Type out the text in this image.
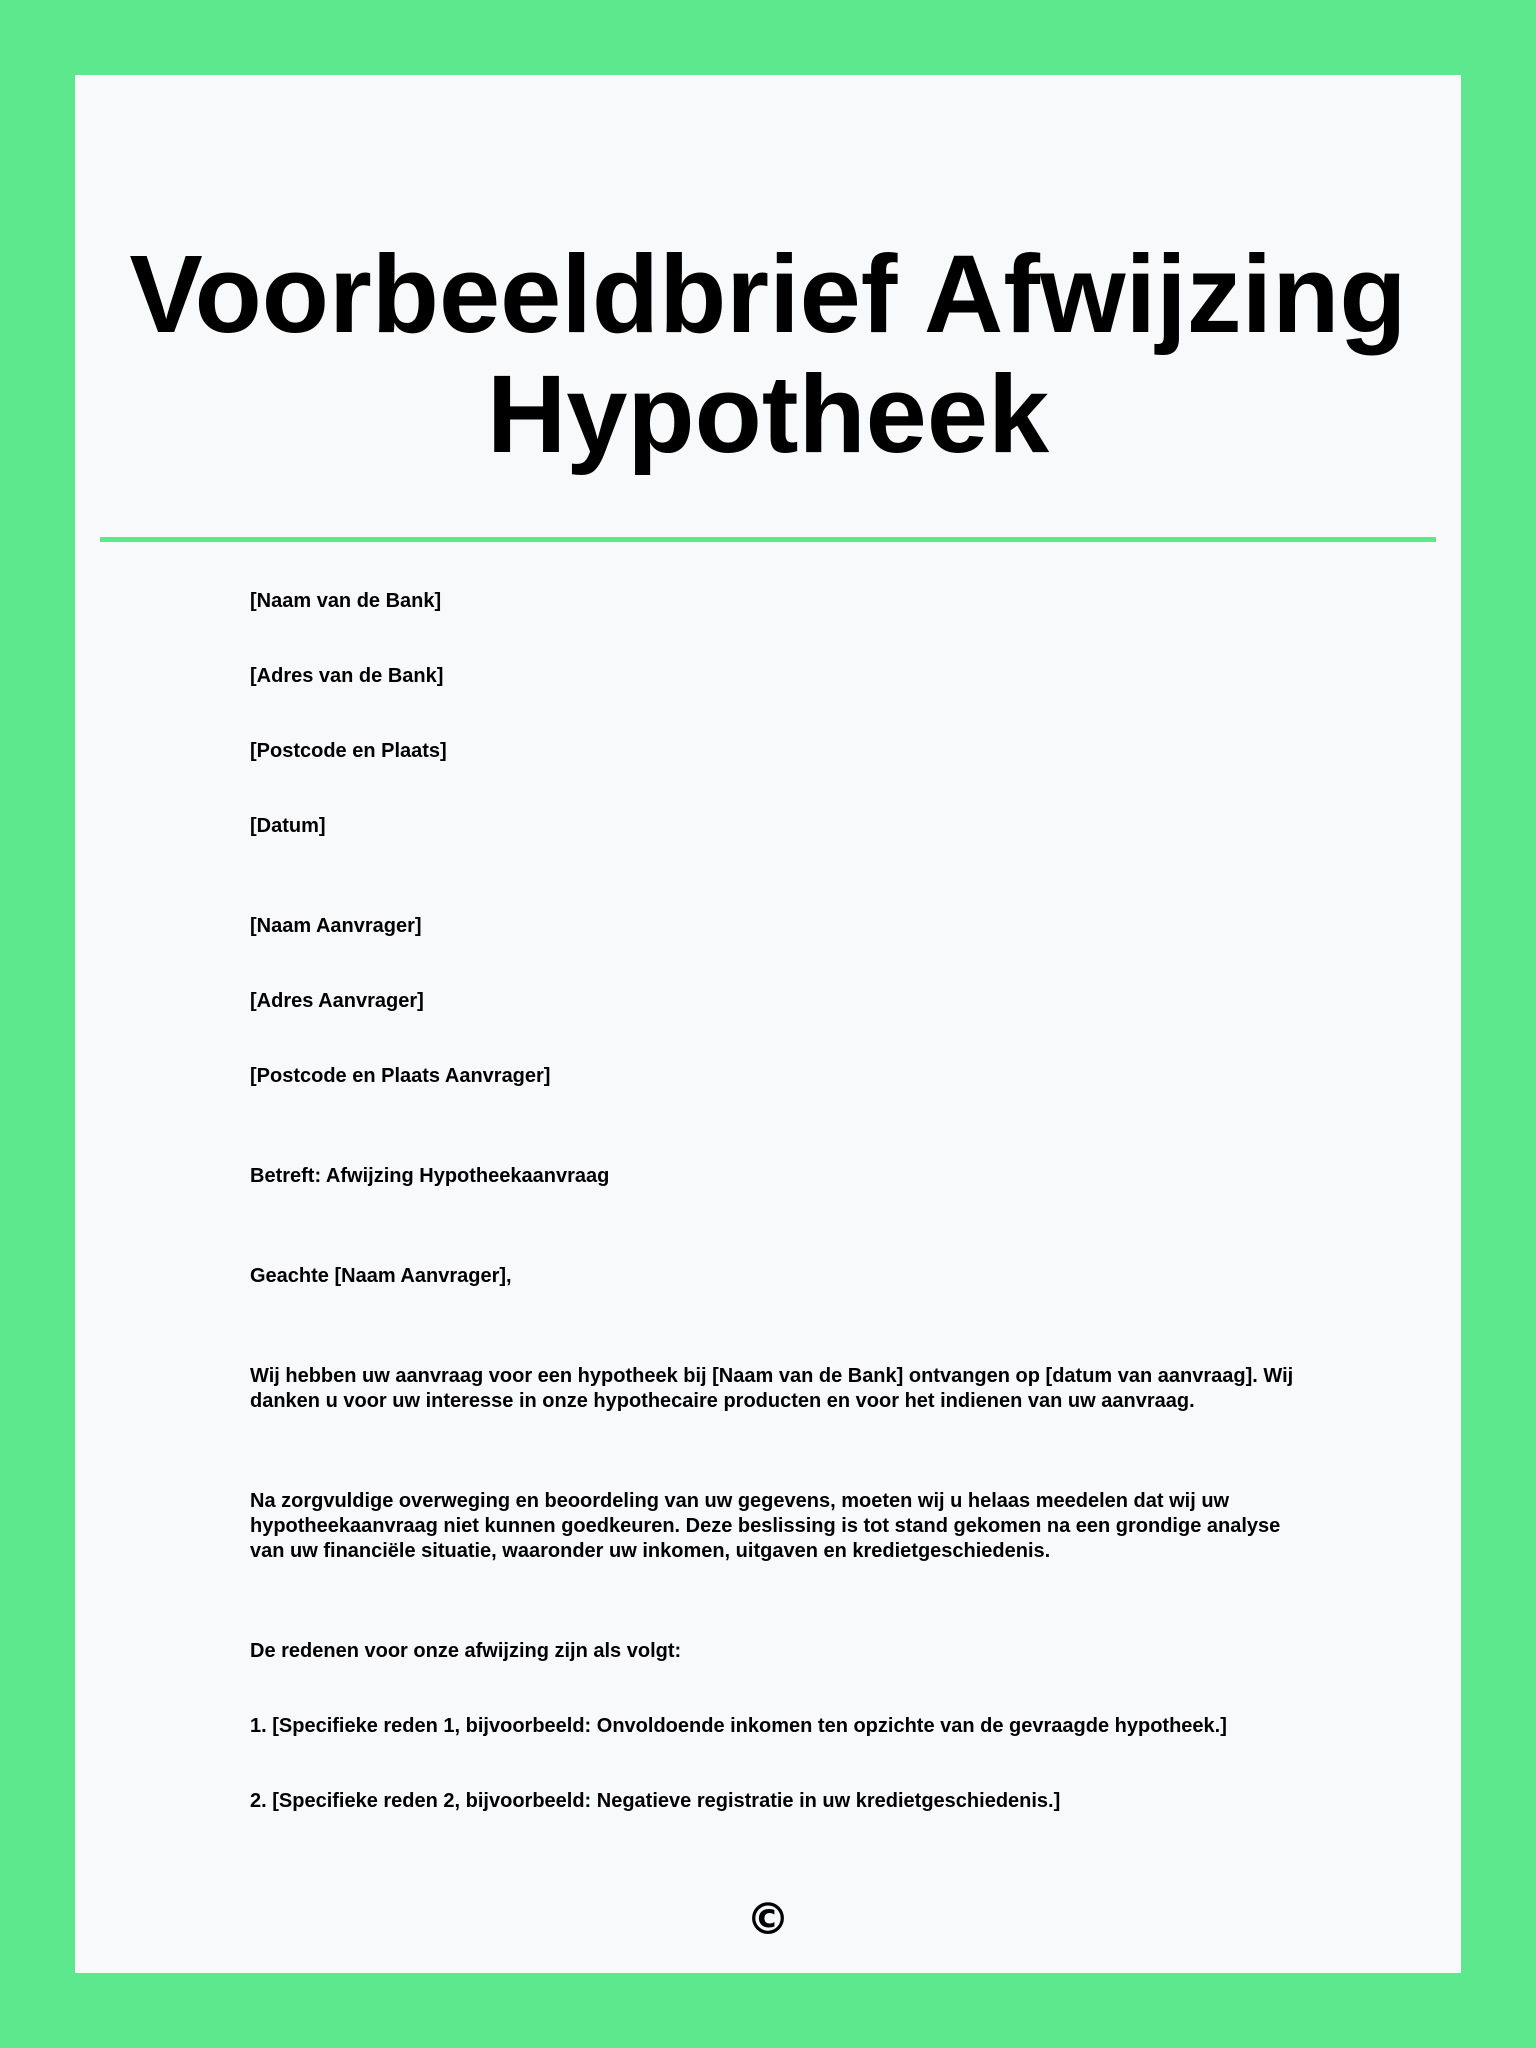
Voorbeeldbrief Afwijzing Hypotheek

[Naam van de Bank]

[Adres van de Bank]

[Postcode en Plaats]

[Datum]

[Naam Aanvrager]

[Adres Aanvrager]

[Postcode en Plaats Aanvrager]

Betreft: Afwijzing Hypotheekaanvraag

Geachte [Naam Aanvrager],

Wij hebben uw aanvraag voor een hypotheek bij [Naam van de Bank] ontvangen op [datum van aanvraag]. Wij danken u voor uw interesse in onze hypothecaire producten en voor het indienen van uw aanvraag.

Na zorgvuldige overweging en beoordeling van uw gegevens, moeten wij u helaas meedelen dat wij uw hypotheekaanvraag niet kunnen goedkeuren. Deze beslissing is tot stand gekomen na een grondige analyse van uw financiële situatie, waaronder uw inkomen, uitgaven en kredietgeschiedenis.

De redenen voor onze afwijzing zijn als volgt:

1. [Specifieke reden 1, bijvoorbeeld: Onvoldoende inkomen ten opzichte van de gevraagde hypotheek.]

2. [Specifieke reden 2, bijvoorbeeld: Negatieve registratie in uw kredietgeschiedenis.]

©
